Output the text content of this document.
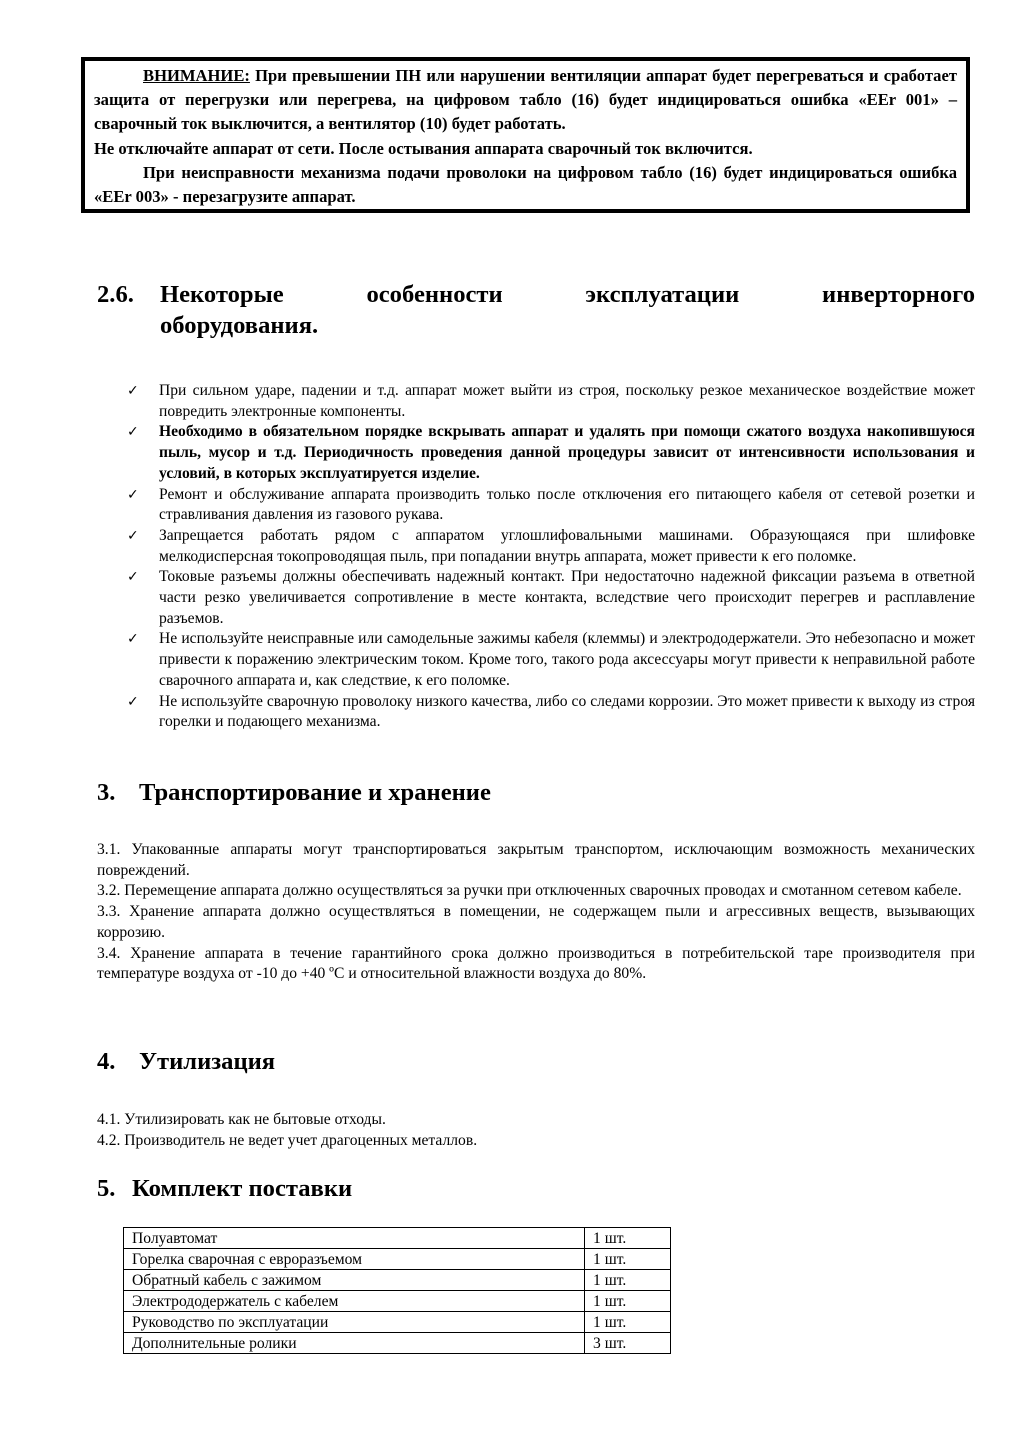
ВНИМАНИЕ: При превышении ПН или нарушении вентиляции аппарат будет перегреваться и сработает защита от перегрузки или перегрева, на цифровом табло (16) будет индицироваться ошибка «EEr 001» – сварочный ток выключится, а вентилятор (10) будет работать.

Не отключайте аппарат от сети. После остывания аппарата сварочный ток включится.

При неисправности механизма подачи проволоки на цифровом табло (16) будет индицироваться ошибка «EEr 003» - перезагрузите аппарат.

2.6. Некоторые особенности эксплуатации инверторного
оборудования.
✓ При сильном ударе, падении и т.д. аппарат может выйти из строя, поскольку резкое механическое воздействие может повредить электронные компоненты.
✓ Необходимо в обязательном порядке вскрывать аппарат и удалять при помощи сжатого воздуха накопившуюся пыль, мусор и т.д. Периодичность проведения данной процедуры зависит от интенсивности использования и условий, в которых эксплуатируется изделие.
✓ Ремонт и обслуживание аппарата производить только после отключения его питающего кабеля от сетевой розетки и стравливания давления из газового рукава.
✓ Запрещается работать рядом с аппаратом углошлифовальными машинами. Образующаяся при шлифовке мелкодисперсная токопроводящая пыль, при попадании внутрь аппарата, может привести к его поломке.
✓ Токовые разъемы должны обеспечивать надежный контакт. При недостаточно надежной фиксации разъема в ответной части резко увеличивается сопротивление в месте контакта, вследствие чего происходит перегрев и расплавление разъемов.
✓ Не используйте неисправные или самодельные зажимы кабеля (клеммы) и электрододержатели. Это небезопасно и может привести к поражению электрическим током. Кроме того, такого рода аксессуары могут привести к неправильной работе сварочного аппарата и, как следствие, к его поломке.
✓ Не используйте сварочную проволоку низкого качества, либо со следами коррозии. Это может привести к выходу из строя горелки и подающего механизма.
3. Транспортирование и хранение

3.1. Упакованные аппараты могут транспортироваться закрытым транспортом, исключающим возможность механических повреждений.

3.2. Перемещение аппарата должно осуществляться за ручки при отключенных сварочных проводах и смотанном сетевом кабеле.

3.3. Хранение аппарата должно осуществляться в помещении, не содержащем пыли и агрессивных веществ, вызывающих коррозию.

3.4. Хранение аппарата в течение гарантийного срока должно производиться в потребительской таре производителя при температуре воздуха от -10 до +40 ºС и относительной влажности воздуха до 80%.

4. Утилизация

4.1. Утилизировать как не бытовые отходы.

4.2. Производитель не ведет учет драгоценных металлов.

5. Комплект поставки
Полуавтомат	1 шт.
Горелка сварочная с евроразъемом	1 шт.
Обратный кабель с зажимом	1 шт.
Электрододержатель с кабелем	1 шт.
Руководство по эксплуатации	1 шт.
Дополнительные ролики	3 шт.
